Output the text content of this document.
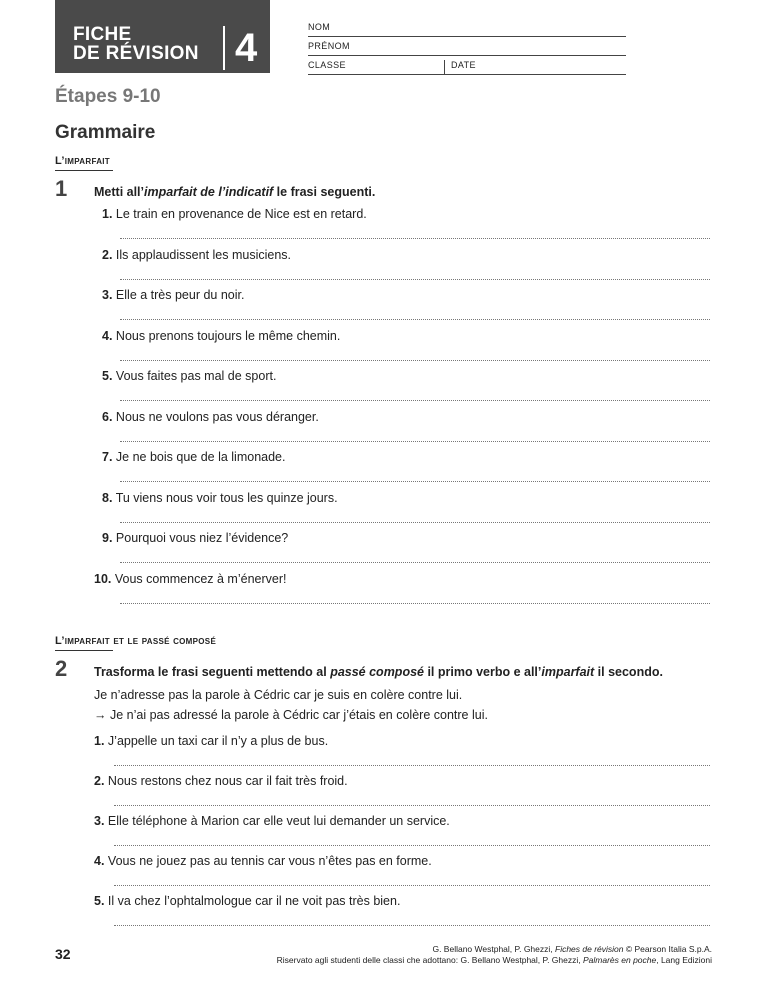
FICHE
DE RÉVISION 4	NOM
PRÉNOM
CLASSE	DATE
Étapes 9-10
Grammaire
L’imparfait
1 Metti all’imparfait de l’indicatif le frasi seguenti.
1. Le train en provenance de Nice est en retard.
2. Ils applaudissent les musiciens.
3. Elle a très peur du noir.
4. Nous prenons toujours le même chemin.
5. Vous faites pas mal de sport.
6. Nous ne voulons pas vous déranger.
7. Je ne bois que de la limonade.
8. Tu viens nous voir tous les quinze jours.
9. Pourquoi vous niez l’évidence?
10. Vous commencez à m’énerver!
L’imparfait et le passé composé
2 Trasforma le frasi seguenti mettendo al passé composé il primo verbo e all’imparfait il secondo.
Je n’adresse pas la parole à Cédric car je suis en colère contre lui.
→ Je n’ai pas adressé la parole à Cédric car j’étais en colère contre lui.
1. J’appelle un taxi car il n’y a plus de bus.
2. Nous restons chez nous car il fait très froid.
3. Elle téléphone à Marion car elle veut lui demander un service.
4. Vous ne jouez pas au tennis car vous n’êtes pas en forme.
5. Il va chez l’ophtalmologue car il ne voit pas très bien.
32	G. Bellano Westphal, P. Ghezzi, Fiches de révision © Pearson Italia S.p.A.
Riservato agli studenti delle classi che adottano: G. Bellano Westphal, P. Ghezzi, Palmarès en poche, Lang Edizioni
